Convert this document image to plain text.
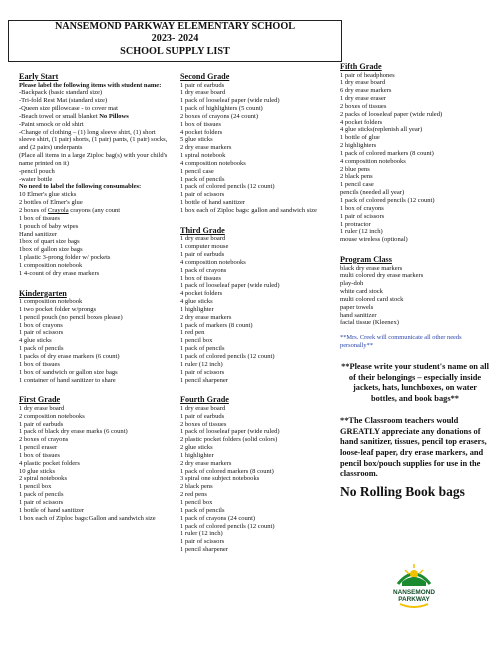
NANSEMOND PARKWAY ELEMENTARY SCHOOL
2023- 2024
SCHOOL SUPPLY LIST
Early Start
Please label the following items with student name:
-Backpack (basic standard size)
-Tri-fold Rest Mat (standard size)
-Queen size pillowcase - to cover mat
-Beach towel or small blanket No Pillows
-Paint smock or old shirt
-Change of clothing – (1) long sleeve shirt, (1) short sleeve shirt, (1 pair) shorts, (1 pair) pants, (1 pair) socks, and (2 pairs) underpants
(Place all items in a large Ziploc bag(s) with your child's name printed on it)
-pencil pouch
-water bottle
No need to label the following consumables:
10 Elmer's glue sticks
2 bottles of Elmer's glue
2 boxes of Crayola crayons (any count
1 box of tissues
1 pouch of baby wipes
Hand sanitizer
1box of quart size bags
1box of gallon size bags
1 plastic 3-prong folder w/ pockets
1 composition notebook
1 4-count of dry erase markers
Kindergarten
1 composition notebook
1 two pocket folder w/prongs
1 pencil pouch (no pencil boxes please)
1 box of crayons
1 pair of scissors
4 glue sticks
1 pack of pencils
1 packs of dry erase markers (6 count)
1 box of tissues
1 box of sandwich or gallon size bags
1 container of hand sanitizer to share
First Grade
1 dry erase board
2 composition notebooks
1 pair of earbuds
1 pack of black dry erase marks (6 count)
2 boxes of crayons
1 pencil eraser
1 box of tissues
4 plastic pocket folders
10 glue sticks
2 spiral notebooks
1 pencil box
1 pack of pencils
1 pair of scissors
1 bottle of hand sanitizer
1 box each of Ziploc bags:Gallon and sandwich size
Second Grade
1 pair of earbuds
1 dry erase board
1 pack of looseleaf paper (wide ruled)
1 pack of highlighters (5 count)
2 boxes of crayons (24 count)
1 box of tissues
4 pocket folders
5 glue sticks
2 dry erase markers
1 spiral notebook
4 composition notebooks
1 pencil case
1 pack of pencils
1 pack of colored pencils (12 count)
1 pair of scissors
1 bottle of hand sanitizer
1 box each of Ziploc bags: gallon and sandwich size
Third Grade
1 dry erase board
1 computer mouse
1 pair of earbuds
4 composition notebooks
1 pack of crayons
1 box of tissues
1 pack of looseleaf paper (wide ruled)
4 pocket folders
4 glue sticks
1 highlighter
2 dry erase markers
1 pack of markers (8 count)
1 red pen
1 pencil box
1 pack of pencils
1 pack of colored pencils (12 count)
1 ruler (12 inch)
1 pair of scissors
1 pencil sharpener
Fourth Grade
1 dry erase board
1 pair of earbuds
2 boxes of tissues
1 pack of looseleaf paper (wide ruled)
2 plastic pocket folders (solid colors)
2 glue sticks
1 highlighter
2 dry erase markers
1 pack of colored markers (8 count)
3 spiral one subject notebooks
2 black pens
2 red pens
1 pencil box
1 pack of pencils
1 pack of crayons (24 count)
1 pack of colored pencils (12 count)
1 ruler (12 inch)
1 pair of scissors
1 pencil sharpener
Fifth Grade
1 pair of headphones
1 dry erase board
6 dry erase markers
1 dry erase eraser
2 boxes of tissues
2 packs of looseleaf paper (wide ruled)
4 pocket folders
4 glue sticks(replenish all year)
1 bottle of glue
2 highlighters
1 pack of colored markers (8 count)
4 composition notebooks
2 blue pens
2 black pens
1 pencil case
pencils (needed all year)
1 pack of colored pencils (12 count)
1 box of crayons
1 pair of scissors
1 protractor
1 ruler (12 inch)
mouse wireless (optional)
Program Class
black dry erase markers
multi colored dry erase markers
play-doh
white card stock
multi colored card stock
paper towels
hand sanitizer
facial tissue (Kleenex)
**Mrs. Creek will communicate all other needs personally**
**Please write your student's name on all of their belongings – especially inside jackets, hats, lunchboxes, on water bottles, and book bags**
**The Classroom teachers would GREATLY appreciate any donations of hand sanitizer, tissues, pencil top erasers, loose-leaf paper, dry erase markers, and pencil box/pouch supplies for use in the classroom.
No Rolling Book bags
NANSEMOND
PARKWAY
